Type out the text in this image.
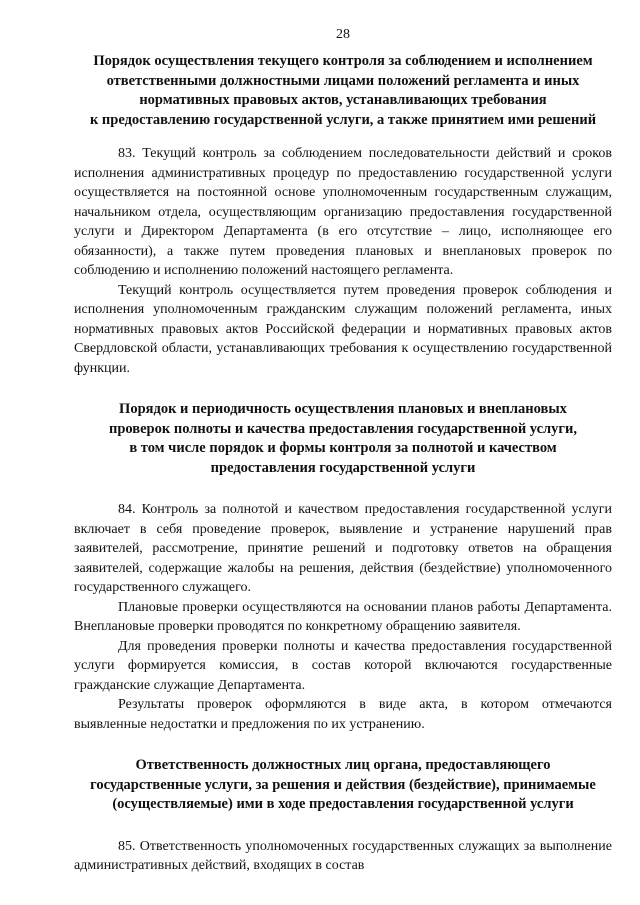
28
Порядок осуществления текущего контроля за соблюдением и исполнением
ответственными должностными лицами положений регламента и иных
нормативных правовых актов, устанавливающих требования
к предоставлению государственной услуги, а также принятием ими решений

83. Текущий контроль за соблюдением последовательности действий и сроков исполнения административных процедур по предоставлению государственной услуги осуществляется на постоянной основе уполномоченным государственным служащим, начальником отдела, осуществляющим организацию предоставления государственной услуги и Директором Департамента (в его отсутствие – лицо, исполняющее его обязанности), а также путем проведения плановых и внеплановых проверок по соблюдению и исполнению положений настоящего регламента.

Текущий контроль осуществляется путем проведения проверок соблюдения и исполнения уполномоченным гражданским служащим положений регламента, иных нормативных правовых актов Российской федерации и нормативных правовых актов Свердловской области, устанавливающих требования к осуществлению государственной функции.

Порядок и периодичность осуществления плановых и внеплановых
проверок полноты и качества предоставления государственной услуги,
в том числе порядок и формы контроля за полнотой и качеством
предоставления государственной услуги

84. Контроль за полнотой и качеством предоставления государственной услуги включает в себя проведение проверок, выявление и устранение нарушений прав заявителей, рассмотрение, принятие решений и подготовку ответов на обращения заявителей, содержащие жалобы на решения, действия (бездействие) уполномоченного государственного служащего.

Плановые проверки осуществляются на основании планов работы Департамента. Внеплановые проверки проводятся по конкретному обращению заявителя.

Для проведения проверки полноты и качества предоставления государственной услуги формируется комиссия, в состав которой включаются государственные гражданские служащие Департамента.

Результаты проверок оформляются в виде акта, в котором отмечаются выявленные недостатки и предложения по их устранению.

Ответственность должностных лиц органа, предоставляющего
государственные услуги, за решения и действия (бездействие), принимаемые
(осуществляемые) ими в ходе предоставления государственной услуги

85. Ответственность уполномоченных государственных служащих за выполнение административных действий, входящих в состав
